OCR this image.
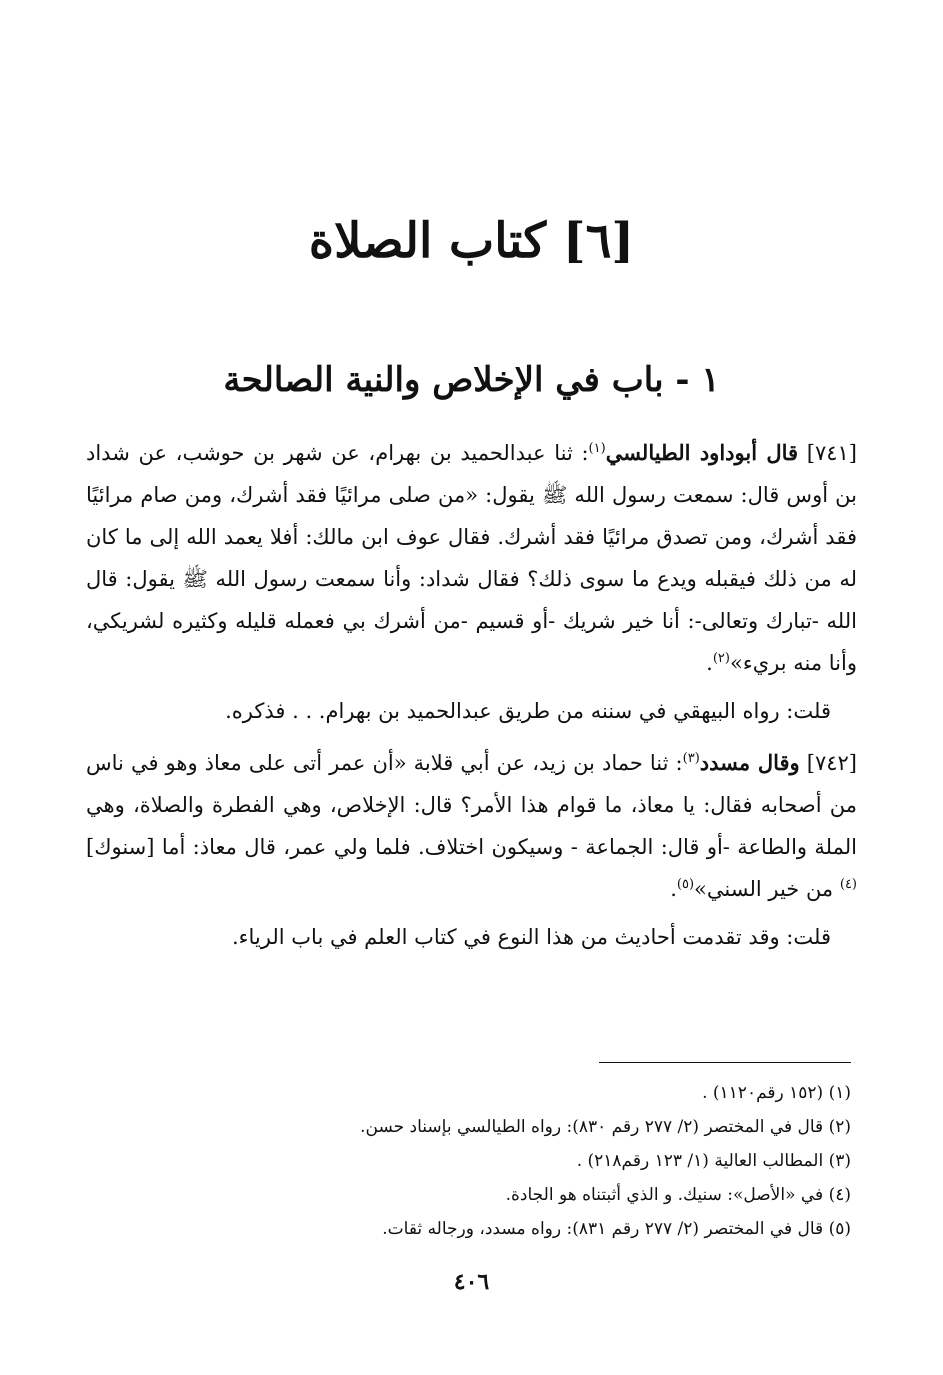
[٦] كتاب الصلاة
١ - باب في الإخلاص والنية الصالحة

[٧٤١] قال أبوداود الطيالسي$^{(١)}$: ثنا عبدالحميد بن بهرام، عن شهر بن حوشب، عن شداد بن أوس قال: سمعت رسول الله ﷺ يقول: «من صلى مرائيًا فقد أشرك، ومن صام مرائيًا فقد أشرك، ومن تصدق مرائيًا فقد أشرك. فقال عوف ابن مالك: أفلا يعمد الله إلى ما كان له من ذلك فيقبله ويدع ما سوى ذلك؟ فقال شداد: وأنا سمعت رسول الله ﷺ يقول: قال الله -تبارك وتعالى-: أنا خير شريك -أو قسيم -من أشرك بي فعمله قليله وكثيره لشريكي، وأنا منه بريء»$^{(٢)}$.

قلت: رواه البيهقي في سننه من طريق عبدالحميد بن بهرام. . . فذكره.

[٧٤٢] وقال مسدد$^{(٣)}$: ثنا حماد بن زيد، عن أبي قلابة «أن عمر أتى على معاذ وهو في ناس من أصحابه فقال: يا معاذ، ما قوام هذا الأمر؟ قال: الإخلاص، وهي الفطرة والصلاة، وهي الملة والطاعة -أو قال: الجماعة - وسيكون اختلاف. فلما ولي عمر، قال معاذ: أما [سنوك]$^{(٤)}$ من خير السني»$^{(٥)}$.

قلت: وقد تقدمت أحاديث من هذا النوع في كتاب العلم في باب الرياء.

(١) (١٥٢ رقم١١٢٠) .
(٢) قال في المختصر (٢/ ٢٧٧ رقم ٨٣٠): رواه الطيالسي بإسناد حسن.
(٣) المطالب العالية (١/ ١٢٣ رقم٢١٨) .
(٤) في «الأصل»: سنيك. و الذي أثبتناه هو الجادة.
(٥) قال في المختصر (٢/ ٢٧٧ رقم ٨٣١): رواه مسدد، ورجاله ثقات.
٤٠٦
